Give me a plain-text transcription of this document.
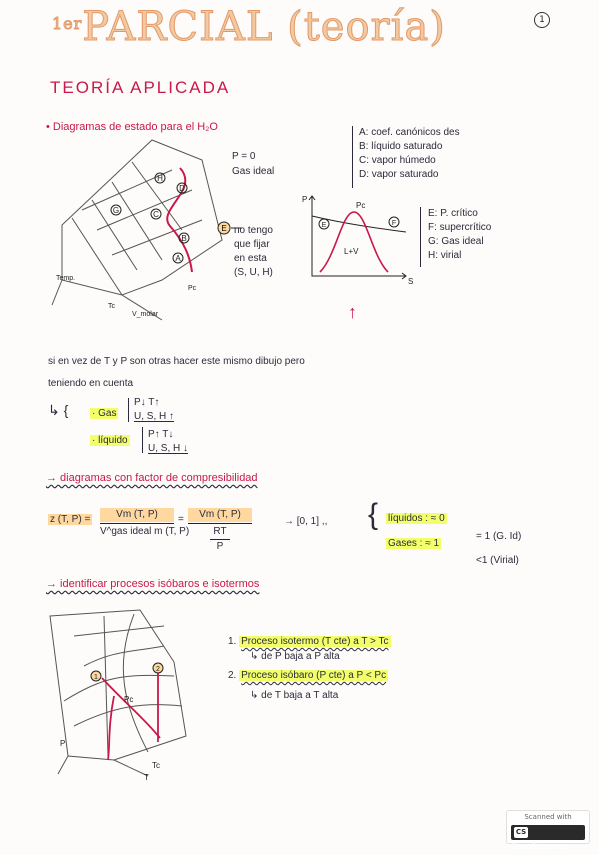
$^{1er}$PARCIAL (teoría)	1
TEORÍA APLICADA
• Diagramas de estado para el H₂O	A: coef. canónicos des
B: líquido saturado
C: vapor húmedo
D: vapor saturado
E: P. crítico
F: supercrítico
G: Gas ideal
H: virial
P = 0
Gas ideal
no tengo
que fijar
en esta
(S, U, H)
A
B
C
D
G
H
Temp.
V_molar
Tc
Pc
E
P
S
Pc
L+V
E	F
↑
si en vez de T y P son otras hacer este mismo dibujo pero
teniendo en cuenta
↳ { · Gas
P↓ T↑
U, S, H ↑
· líquido
P↑ T↓
U, S, H ↓
→ diagramas con factor de compresibilidad
z (T, P) =	Vm (T, P)
V^gas ideal m (T, P)
=	Vm (T, P)
RT
P
→ [0, 1] ,, { líquidos : ≈ 0
Gases : ≈ 1
= 1 (G. Id)
<1 (Virial)
→ identificar procesos isóbaros e isotermos
1
2
Pc
T
P
Tc
1. Proceso isotermo (T cte) a T > Tc
↳ de P baja a P alta
2. Proceso isóbaro (P cte) a P < Pc
↳ de T baja a T alta
Scanned with
CSCamScanner
